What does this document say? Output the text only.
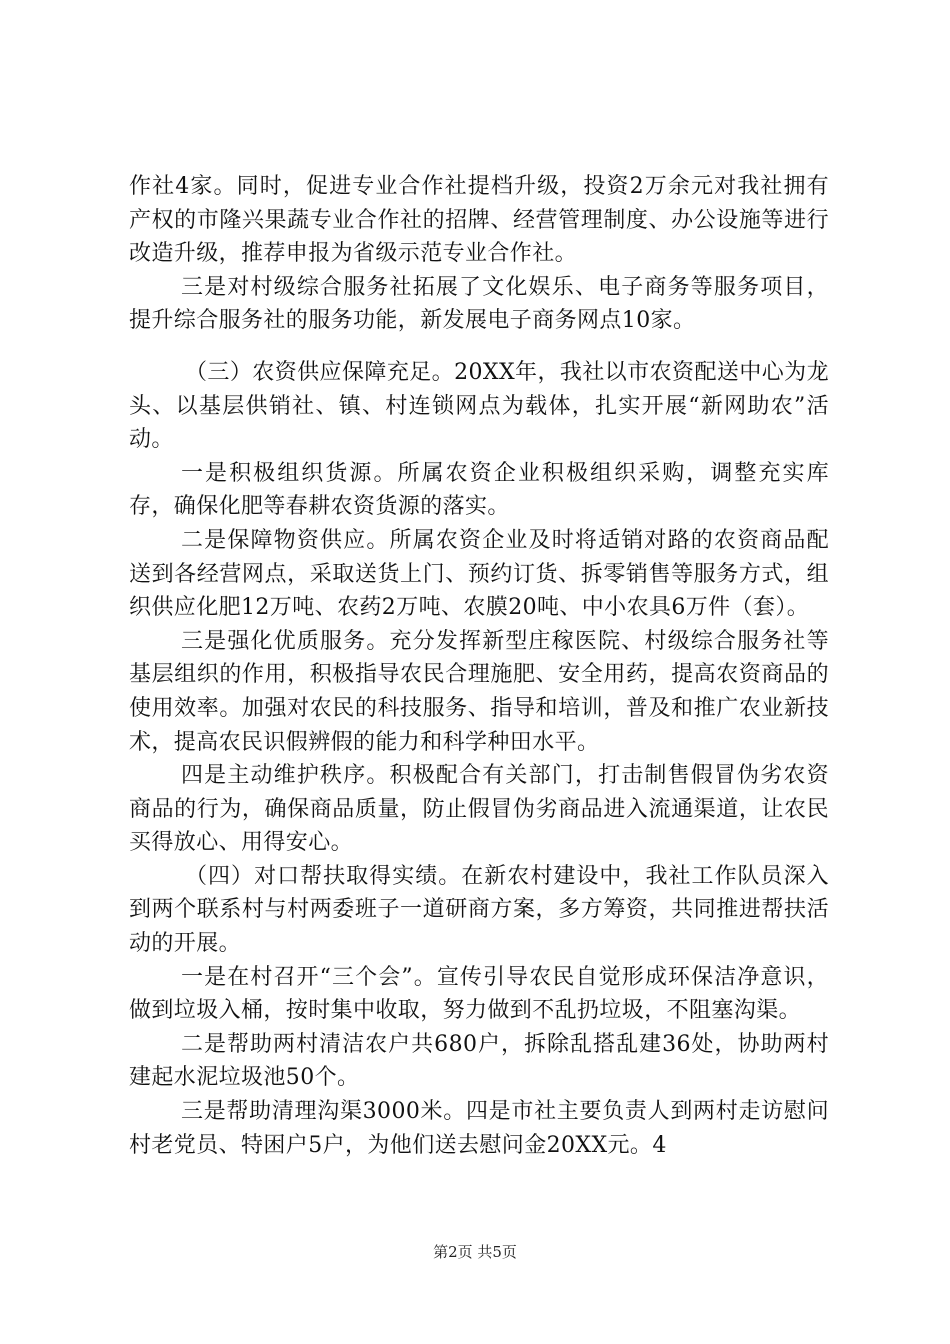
作社4家。同时，促进专业合作社提档升级，投资2万余元对我社拥有产权的市隆兴果蔬专业合作社的招牌、经营管理制度、办公设施等进行改造升级，推荐申报为省级示范专业合作社。

三是对村级综合服务社拓展了文化娱乐、电子商务等服务项目，提升综合服务社的服务功能，新发展电子商务网点10家。

（三）农资供应保障充足。20XX年，我社以市农资配送中心为龙头、以基层供销社、镇、村连锁网点为载体，扎实开展“新网助农”活动。

一是积极组织货源。所属农资企业积极组织采购，调整充实库存，确保化肥等春耕农资货源的落实。

二是保障物资供应。所属农资企业及时将适销对路的农资商品配送到各经营网点，采取送货上门、预约订货、拆零销售等服务方式，组织供应化肥12万吨、农药2万吨、农膜20吨、中小农具6万件（套）。

三是强化优质服务。充分发挥新型庄稼医院、村级综合服务社等基层组织的作用，积极指导农民合理施肥、安全用药，提高农资商品的使用效率。加强对农民的科技服务、指导和培训，普及和推广农业新技术，提高农民识假辨假的能力和科学种田水平。

四是主动维护秩序。积极配合有关部门，打击制售假冒伪劣农资商品的行为，确保商品质量，防止假冒伪劣商品进入流通渠道，让农民买得放心、用得安心。

（四）对口帮扶取得实绩。在新农村建设中，我社工作队员深入到两个联系村与村两委班子一道研商方案，多方筹资，共同推进帮扶活动的开展。

一是在村召开“三个会”。宣传引导农民自觉形成环保洁净意识，做到垃圾入桶，按时集中收取，努力做到不乱扔垃圾，不阻塞沟渠。

二是帮助两村清洁农户共680户，拆除乱搭乱建36处，协助两村建起水泥垃圾池50个。

三是帮助清理沟渠3000米。四是市社主要负责人到两村走访慰问村老党员、特困户5户，为他们送去慰问金20XX元。4

第2页 共5页
